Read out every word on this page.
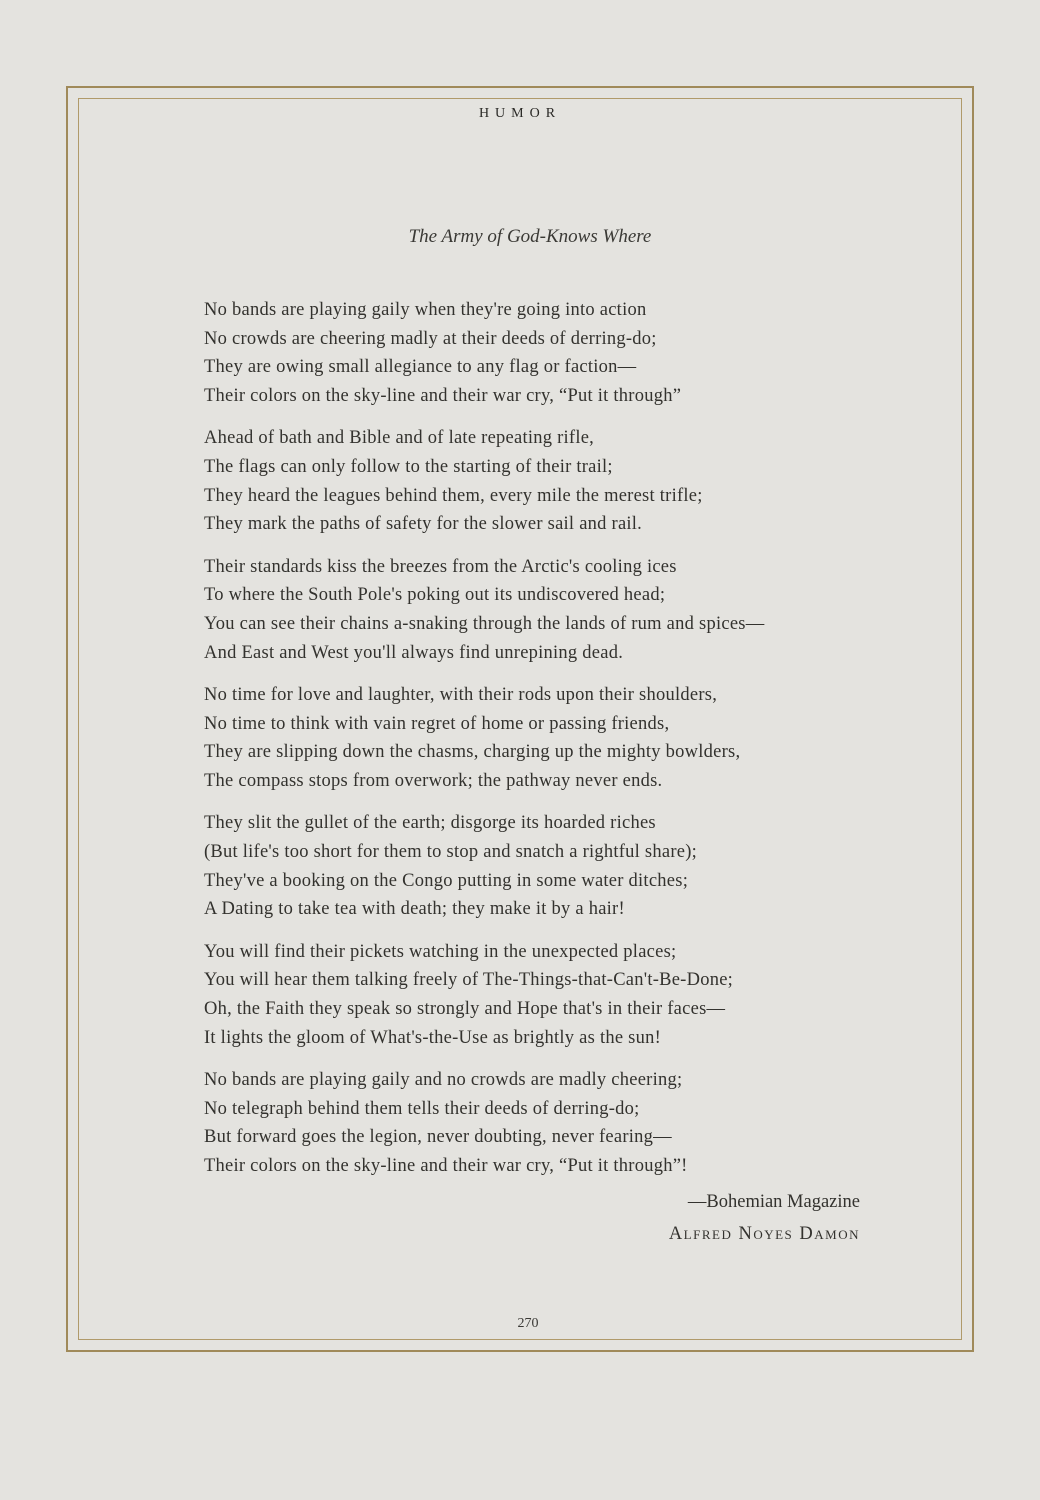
HUMOR
The Army of God-Knows Where
No bands are playing gaily when they're going into action
No crowds are cheering madly at their deeds of derring-do;
They are owing small allegiance to any flag or faction—
Their colors on the sky-line and their war cry, “Put it through”
Ahead of bath and Bible and of late repeating rifle,
The flags can only follow to the starting of their trail;
They heard the leagues behind them, every mile the merest trifle;
They mark the paths of safety for the slower sail and rail.
Their standards kiss the breezes from the Arctic's cooling ices
To where the South Pole's poking out its undiscovered head;
You can see their chains a-snaking through the lands of rum and spices—
And East and West you'll always find unrepining dead.
No time for love and laughter, with their rods upon their shoulders,
No time to think with vain regret of home or passing friends,
They are slipping down the chasms, charging up the mighty bowlders,
The compass stops from overwork; the pathway never ends.
They slit the gullet of the earth; disgorge its hoarded riches
(But life's too short for them to stop and snatch a rightful share);
They've a booking on the Congo putting in some water ditches;
A Dating to take tea with death; they make it by a hair!
You will find their pickets watching in the unexpected places;
You will hear them talking freely of The-Things-that-Can't-Be-Done;
Oh, the Faith they speak so strongly and Hope that's in their faces—
It lights the gloom of What's-the-Use as brightly as the sun!
No bands are playing gaily and no crowds are madly cheering;
No telegraph behind them tells their deeds of derring-do;
But forward goes the legion, never doubting, never fearing—
Their colors on the sky-line and their war cry, “Put it through”!
—Bohemian Magazine
Alfred Noyes Damon
270
